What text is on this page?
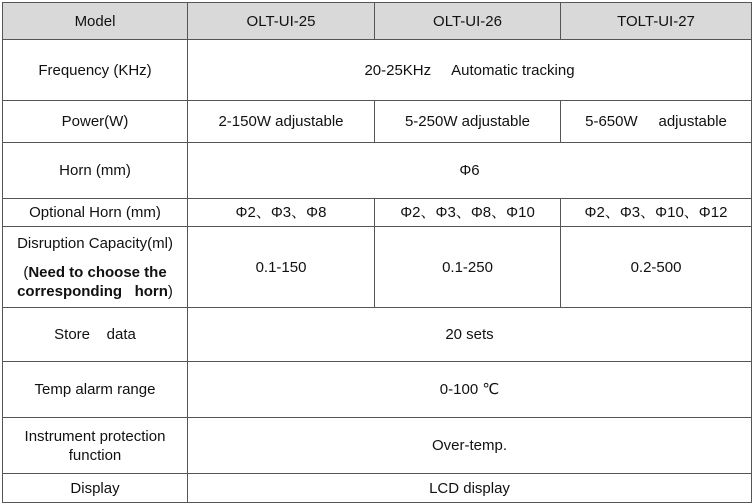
Model	OLT-UI-25	OLT-UI-26	TOLT-UI-27
Frequency (KHz)	20-25KHz     Automatic tracking		
Power(W)	2-150W adjustable	5-250W adjustable	5-650W     adjustable
Horn (mm)	Φ6		
Optional Horn (mm)	Φ2、Φ3、Φ8	Φ2、Φ3、Φ8、Φ10	Φ2、Φ3、Φ10、Φ12

Disruption Capacity(ml)
(Need to choose the corresponding   horn)	0.1-150	0.1-250	0.2-500
Store    data	20 sets		
Temp alarm range	0-100 ℃		

Instrument protection
function	Over-temp.		
Display	LCD display		
